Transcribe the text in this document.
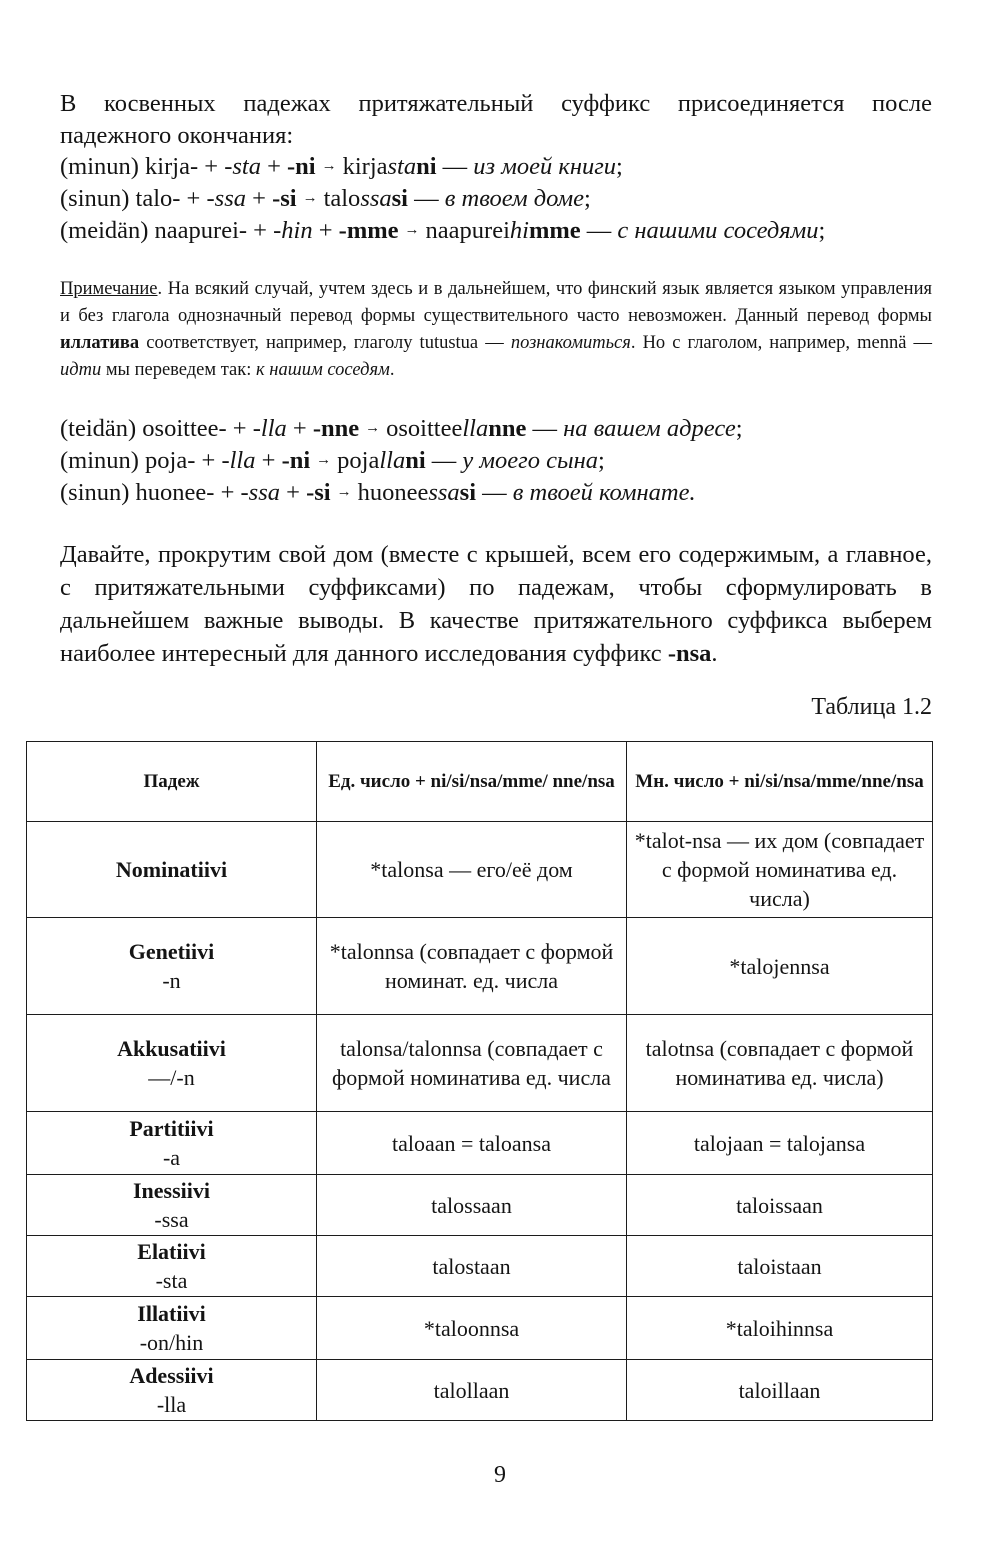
В косвенных падежах притяжательный суффикс присоединяется после
падежного окончания:
(minun) kirja- + -sta + -ni → kirjastani — из моей книги;
(sinun) talo- + -ssa + -si → talossasi — в твоем доме;
(meidän) naapurei- + -hin + -mme → naapureihimme — с нашими соседями;
Примечание. На всякий случай, учтем здесь и в дальнейшем, что финский язык является языком управления и без глагола однозначный перевод формы существительного часто невозможен. Данный перевод формы иллатива соответствует, например, глаголу tutustua — познакомиться. Но с глаголом, например, mennä — идти мы переведем так: к нашим соседям.
(teidän) osoittee- + -lla + -nne → osoitteellanne — на вашем адресе;
(minun) poja- + -lla + -ni → pojallani — у моего сына;
(sinun) huonee- + -ssa + -si → huoneessasi — в твоей комнате.
Давайте, прокрутим свой дом (вместе с крышей, всем его содержимым, а главное, с притяжательными суффиксами) по падежам, чтобы сформулировать в дальнейшем важные выводы. В качестве притяжательного суффикса выберем наиболее интересный для данного исследования суффикс -nsa.
Таблица 1.2
Падеж	Ед. число + ni/si/nsa/mme/ nne/nsa	Мн. число + ni/si/nsa/mme/nne/nsa
Nominatiivi	*talonsa — его/её дом	*talot-nsa — их дом (совпадает с формой номинатива ед. числа)
Genetiivi
-n	*talonnsa (совпадает с формой номинат. ед. числа	*talojennsa
Akkusatiivi
—/-n	talonsa/talonnsa (совпадает с формой номинатива ед. числа	talotnsa (совпадает с формой номинатива ед. числа)
Partitiivi
-a	taloaan = taloansa	talojaan = talojansa
Inessiivi
-ssa	talossaan	taloissaan
Elatiivi
-sta	talostaan	taloistaan
Illatiivi
-on/hin	*taloonnsa	*taloihinnsa
Adessiivi
-lla	talollaan	taloillaan
9
